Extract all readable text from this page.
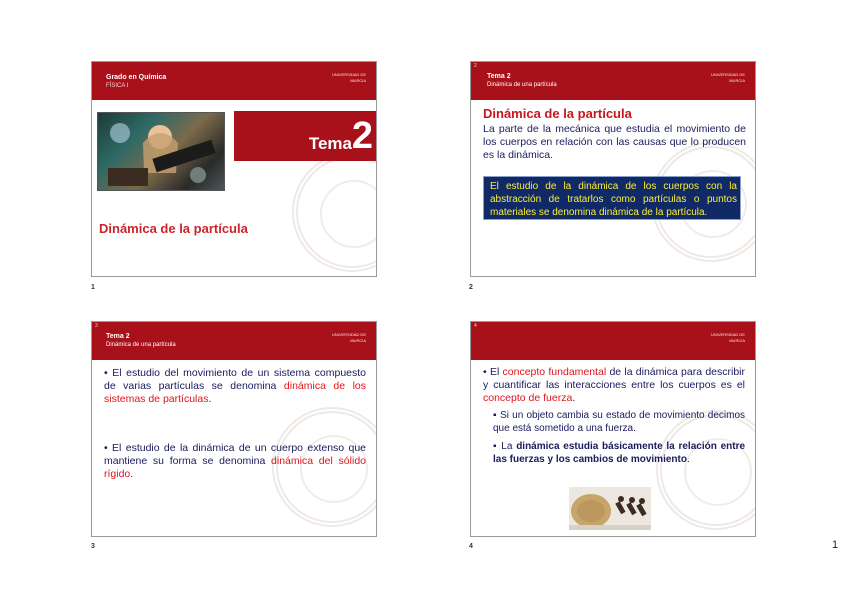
Grado en Química
FÍSICA I
UNIVERSIDAD DE
MURCIA
Tema 2
Dinámica de la partícula
1
2
Tema 2
Dinámica de una partícula
UNIVERSIDAD DE
MURCIA
Dinámica de la partícula

La parte de la mecánica que estudia el movimiento de los cuerpos en relación con las causas que lo producen es la dinámica.

El estudio de la dinámica de los cuerpos con la abstracción de tratarlos como partículas o puntos materiales se denomina dinámica de la partícula.

2
3
Tema 2
Dinámica de una partícula
UNIVERSIDAD DE
MURCIA

• El estudio del movimiento de un sistema compuesto de varias partículas se denomina dinámica de los sistemas de partículas.

• El estudio de la dinámica de un cuerpo extenso que mantiene su forma se denomina dinámica del sólido rígido.

3
4
UNIVERSIDAD DE
MURCIA

• El concepto fundamental de la dinámica para describir y cuantificar las interacciones entre los cuerpos es el concepto de fuerza.

▪ Si un objeto cambia su estado de movimiento decimos que está sometido a una fuerza.

▪ La dinámica estudia básicamente la relación entre las fuerzas y los cambios de movimiento.

4	1
